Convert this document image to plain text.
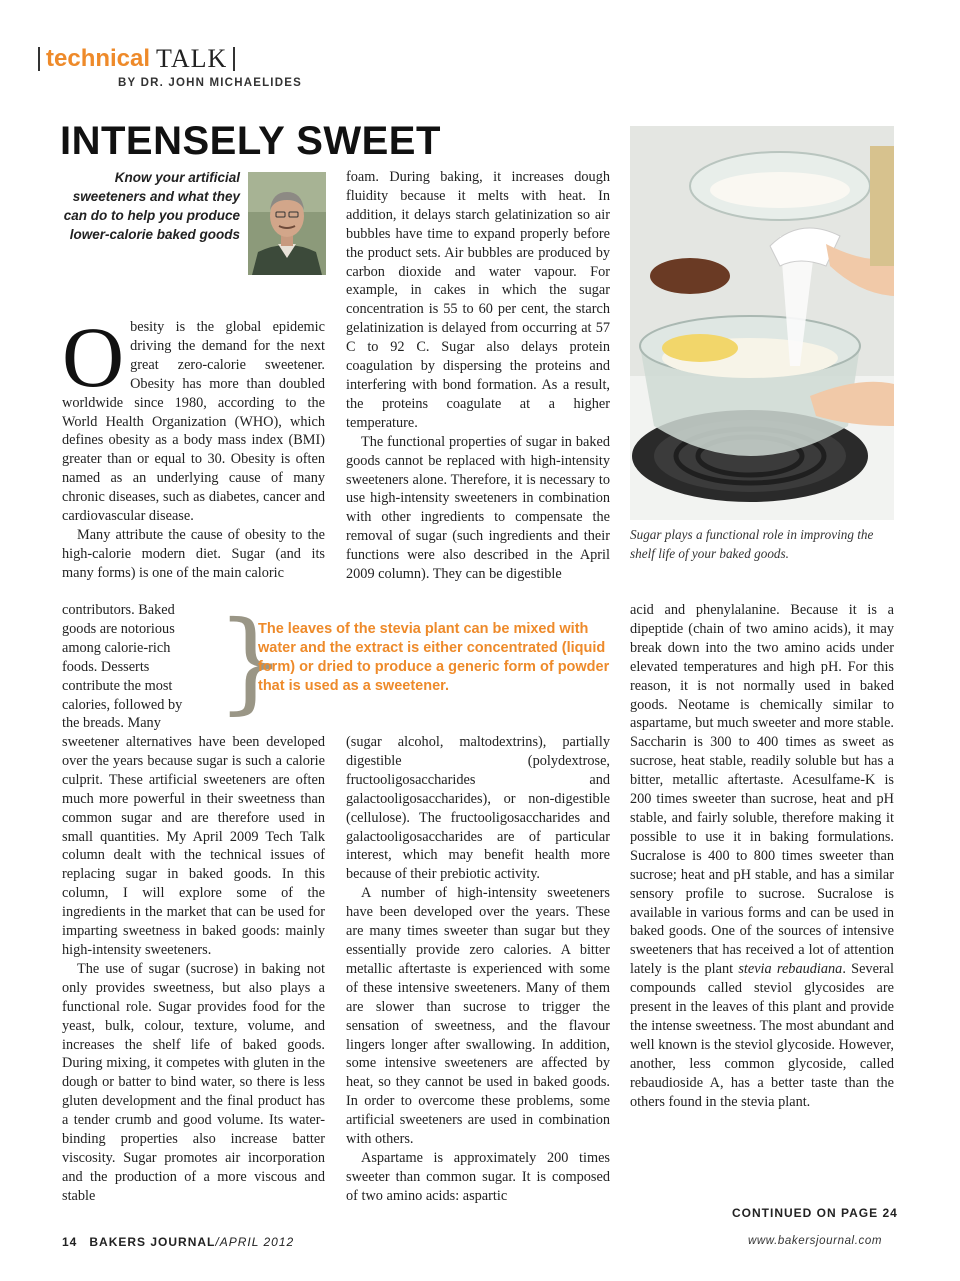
technical TALK
BY DR. JOHN MICHAELIDES
INTENSELY SWEET
Know your artificial sweeteners and what they can do to help you produce lower-calorie baked goods

Obesity is the global epidemic driving the demand for the next great zero-calorie sweetener. Obesity has more than doubled worldwide since 1980, according to the World Health Organization (WHO), which defines obesity as a body mass index (BMI) greater than or equal to 30. Obesity is often named as an underlying cause of many chronic diseases, such as diabetes, cancer and cardiovascular disease.

Many attribute the cause of obesity to the high-calorie modern diet. Sugar (and its many forms) is one of the main caloric

contributors. Baked goods are notorious among calorie-rich foods. Desserts contribute the most calories, followed by the breads. Many

sweetener alternatives have been developed over the years because sugar is such a calorie culprit. These artificial sweeteners are often much more powerful in their sweetness than common sugar and are therefore used in small quantities. My April 2009 Tech Talk column dealt with the technical issues of replacing sugar in baked goods. In this column, I will explore some of the ingredients in the market that can be used for imparting sweetness in baked goods: mainly high-intensity sweeteners.

The use of sugar (sucrose) in baking not only provides sweetness, but also plays a functional role. Sugar provides food for the yeast, bulk, colour, texture, volume, and increases the shelf life of baked goods. During mixing, it competes with gluten in the dough or batter to bind water, so there is less gluten development and the final product has a tender crumb and good volume. Its water-binding properties also increase batter viscosity. Sugar promotes air incorporation and the production of a more viscous and stable

foam. During baking, it increases dough fluidity because it melts with heat. In addition, it delays starch gelatinization so air bubbles have time to expand properly before the product sets. Air bubbles are produced by carbon dioxide and water vapour. For example, in cakes in which the sugar concentration is 55 to 60 per cent, the starch gelatinization is delayed from occurring at 57 C to 92 C. Sugar also delays protein coagulation by dispersing the proteins and interfering with bond formation. As a result, the proteins coagulate at a higher temperature.

The functional properties of sugar in baked goods cannot be replaced with high-intensity sweeteners alone. Therefore, it is necessary to use high-intensity sweeteners in combination with other ingredients to compensate the removal of sugar (such ingredients and their functions were also described in the April 2009 column). They can be digestible

(sugar alcohol, maltodextrins), partially digestible (polydextrose, fructooligosaccharides and galactooligosaccharides), or non-digestible (cellulose). The fructooligosaccharides and galactooligosaccharides are of particular interest, which may benefit health more because of their prebiotic activity.

A number of high-intensity sweeteners have been developed over the years. These are many times sweeter than sugar but they essentially provide zero calories. A bitter metallic aftertaste is experienced with some of these intensive sweeteners. Many of them are slower than sucrose to trigger the sensation of sweetness, and the flavour lingers longer after swallowing. In addition, some intensive sweeteners are affected by heat, so they cannot be used in baked goods. In order to overcome these problems, some artificial sweeteners are used in combination with others.

Aspartame is approximately 200 times sweeter than common sugar. It is composed of two amino acids: aspartic

}
The leaves of the stevia plant can be mixed with water and the extract is either concentrated (liquid form) or dried to produce a generic form of powder that is used as a sweetener.
Sugar plays a functional role in improving the shelf life of your baked goods.

acid and phenylalanine. Because it is a dipeptide (chain of two amino acids), it may break down into the two amino acids under elevated temperatures and high pH. For this reason, it is not normally used in baked goods. Neotame is chemically similar to aspartame, but much sweeter and more stable. Saccharin is 300 to 400 times as sweet as sucrose, heat stable, readily soluble but has a bitter, metallic aftertaste. Acesulfame-K is 200 times sweeter than sucrose, heat and pH stable, and fairly soluble, therefore making it possible to use it in baking formulations. Sucralose is 400 to 800 times sweeter than sucrose; heat and pH stable, and has a similar sensory profile to sucrose. Sucralose is available in various forms and can be used in baked goods. One of the sources of intensive sweeteners that has received a lot of attention lately is the plant stevia rebaudiana. Several compounds called steviol glycosides are present in the leaves of this plant and provide the intense sweetness. The most abundant and well known is the steviol glycoside. However, another, less common glycoside, called rebaudioside A, has a better taste than the others found in the stevia plant.

CONTINUED ON PAGE 24
14 BAKERS JOURNAL/APRIL 2012	www.bakersjournal.com
